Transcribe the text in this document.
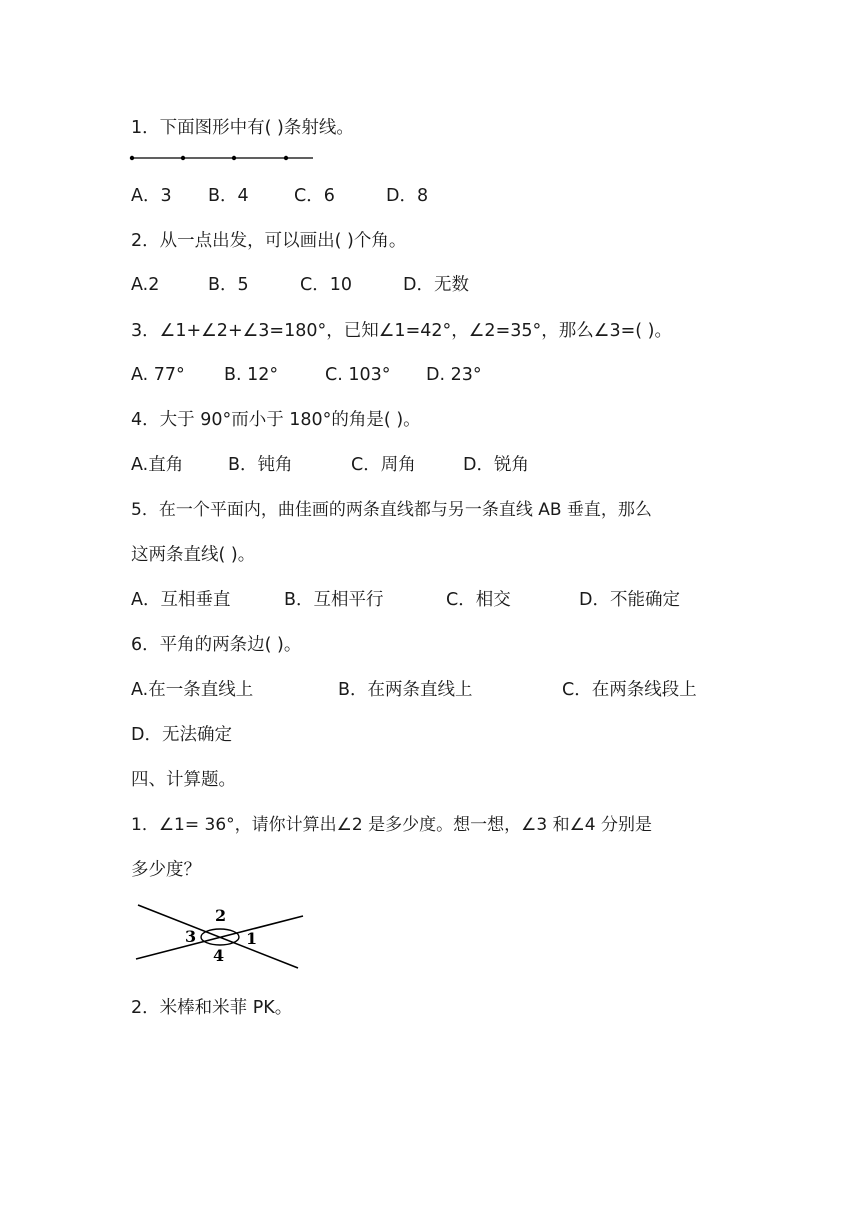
1．下面图形中有( )条射线。
A．3 B．4	C．6	D．8
2．从一点出发，可以画出( )个角。
A.2	B．5	C．10	D．无数
3．∠1+∠2+∠3=180°，已知∠1=42°，∠2=35°，那么∠3=( )。
A. 77° B. 12°	C. 103° D. 23°
4．大于 90°而小于 180°的角是( )。
A.直角	B．钝角	C．周角	D．锐角
5．在一个平面内，曲佳画的两条直线都与另一条直线 AB 垂直，那么
这两条直线( )。
A．互相垂直	B．互相平行	C．相交	D．不能确定
6．平角的两条边( )。
A.在一条直线上	B．在两条直线上	C．在两条线段上
D．无法确定
四、计算题。
1．∠1= 36°，请你计算出∠2 是多少度。想一想，∠3 和∠4 分别是
多少度？
2
1
3
4
2．米棒和米菲 PK。
